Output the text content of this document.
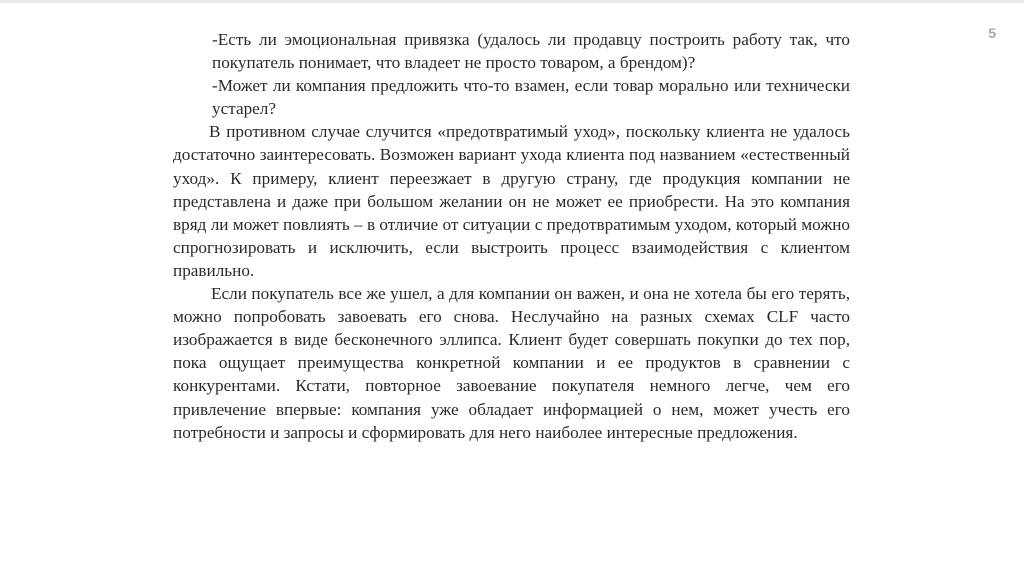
5

-Есть ли эмоциональная привязка (удалось ли продавцу построить работу так, что покупатель понимает, что владеет не просто товаром, а брендом)?

-Может ли компания предложить что-то взамен, если товар морально или технически устарел?

В противном случае случится «предотвратимый уход», поскольку клиента не удалось достаточно заинтересовать. Возможен вариант ухода клиента под названием «естественный уход». К примеру, клиент переезжает в другую страну, где продукция компании не представлена и даже при большом желании он не может ее приобрести. На это компания вряд ли может повлиять – в отличие от ситуации с предотвратимым уходом, который можно спрогнозировать и исключить, если выстроить процесс взаимодействия с клиентом правильно.

Если покупатель все же ушел, а для компании он важен, и она не хотела бы его терять, можно попробовать завоевать его снова. Неслучайно на разных схемах CLF часто изображается в виде бесконечного эллипса. Клиент будет совершать покупки до тех пор, пока ощущает преимущества конкретной компании и ее продуктов в сравнении с конкурентами. Кстати, повторное завоевание покупателя немного легче, чем его привлечение впервые: компания уже обладает информацией о нем, может учесть его потребности и запросы и сформировать для него наиболее интересные предложения.
